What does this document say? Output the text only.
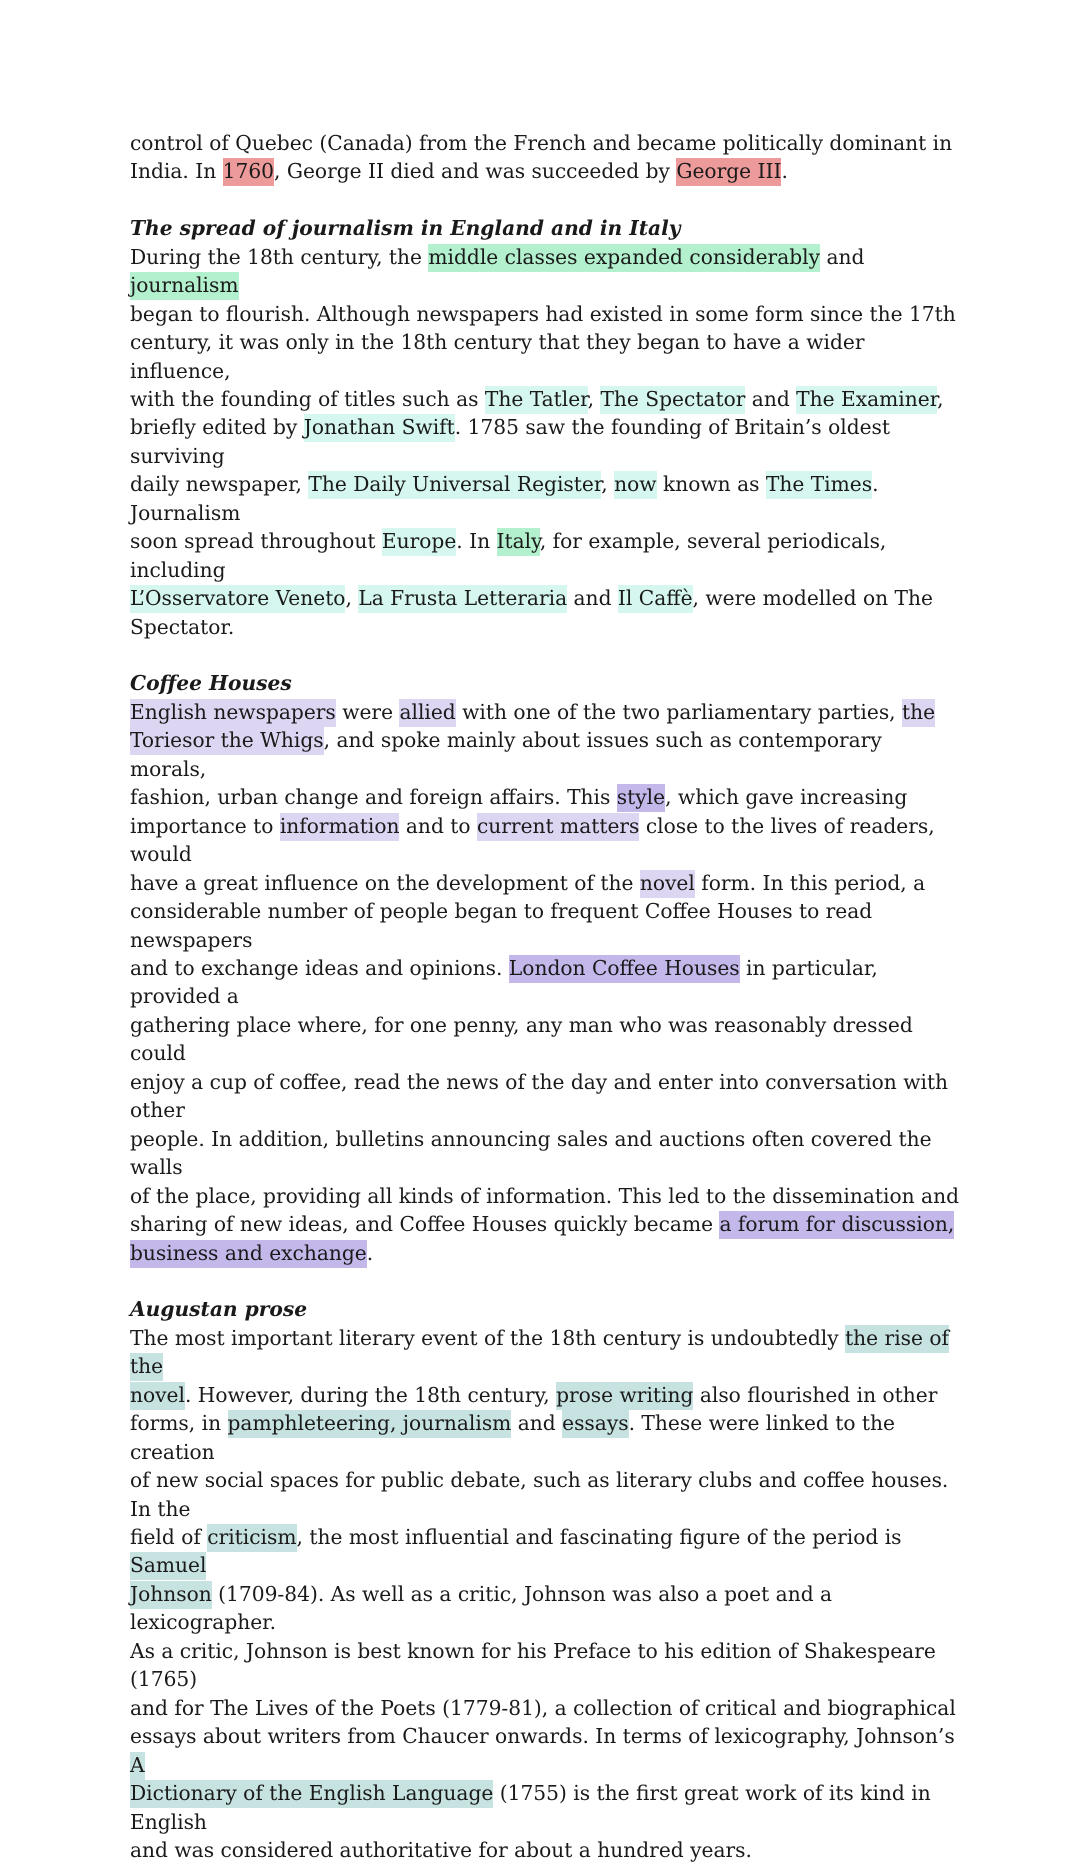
control of Quebec (Canada) from the French and became politically dominant in
India. In 1760, George II died and was succeeded by George III.
The spread of journalism in England and in Italy
During the 18th century, the middle classes expanded considerably and journalism
began to flourish. Although newspapers had existed in some form since the 17th
century, it was only in the 18th century that they began to have a wider influence,
with the founding of titles such as The Tatler, The Spectator and The Examiner,
briefly edited by Jonathan Swift. 1785 saw the founding of Britain’s oldest surviving
daily newspaper, The Daily Universal Register, now known as The Times. Journalism
soon spread throughout Europe. In Italy, for example, several periodicals, including
L’Osservatore Veneto, La Frusta Letteraria and Il Caffè, were modelled on The
Spectator.
Coffee Houses
English newspapers were allied with one of the two parliamentary parties, the
Toriesor the Whigs, and spoke mainly about issues such as contemporary morals,
fashion, urban change and foreign affairs. This style, which gave increasing
importance to information and to current matters close to the lives of readers, would
have a great influence on the development of the novel form. In this period, a
considerable number of people began to frequent Coffee Houses to read newspapers
and to exchange ideas and opinions. London Coffee Houses in particular, provided a
gathering place where, for one penny, any man who was reasonably dressed could
enjoy a cup of coffee, read the news of the day and enter into conversation with other
people. In addition, bulletins announcing sales and auctions often covered the walls
of the place, providing all kinds of information. This led to the dissemination and
sharing of new ideas, and Coffee Houses quickly became a forum for discussion,
business and exchange.
Augustan prose
The most important literary event of the 18th century is undoubtedly the rise of the
novel. However, during the 18th century, prose writing also flourished in other
forms, in pamphleteering, journalism and essays. These were linked to the creation
of new social spaces for public debate, such as literary clubs and coffee houses. In the
field of criticism, the most influential and fascinating figure of the period is Samuel
Johnson (1709-84). As well as a critic, Johnson was also a poet and a lexicographer.
As a critic, Johnson is best known for his Preface to his edition of Shakespeare (1765)
and for The Lives of the Poets (1779-81), a collection of critical and biographical
essays about writers from Chaucer onwards. In terms of lexicography, Johnson’s A
Dictionary of the English Language (1755) is the first great work of its kind in English
and was considered authoritative for about a hundred years.
